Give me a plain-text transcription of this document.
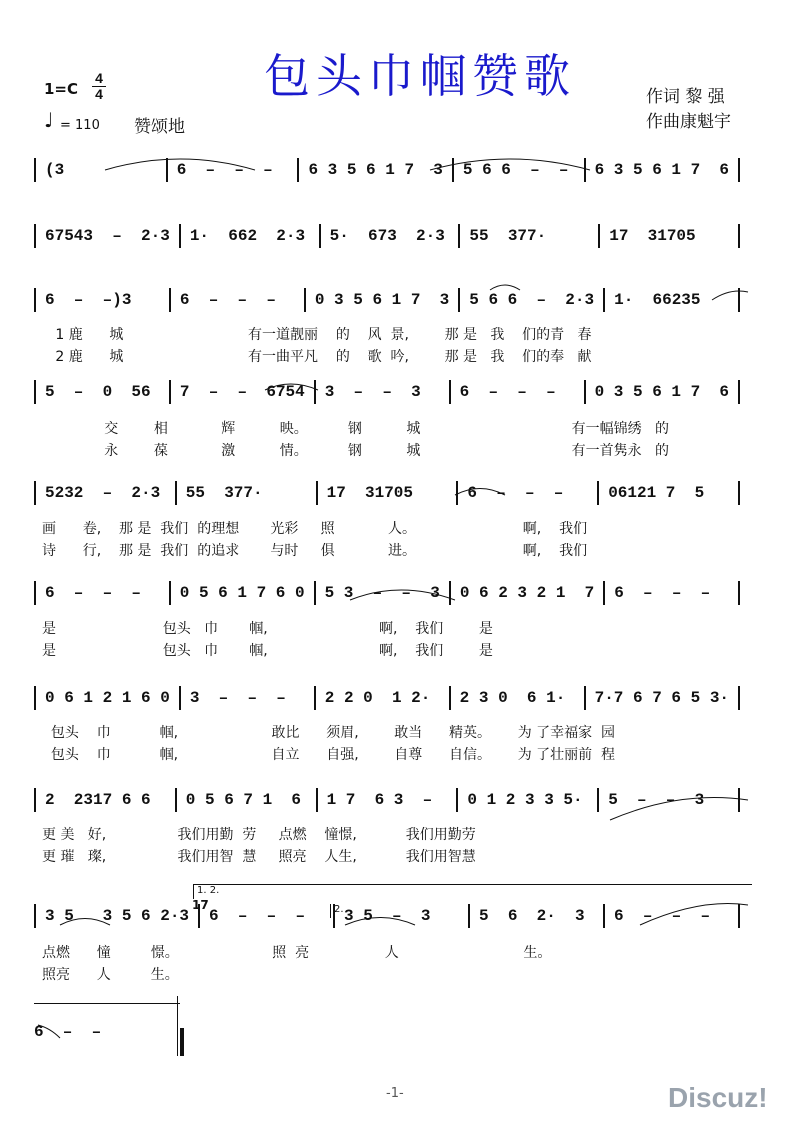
包头巾帼赞歌
1=C
4
4
♩ = 110 赞颂地
作词 黎 强
作曲康魁宇
(3	6  –  –  –	6 3 5 6 1 7  3 5 6 6  –  –	6 3 5 6 1 7  6
67543  –  2·3 1·  662  2·3 5·  673  2·3 55  377·	17  31705
6  –  –)3	6  –  –  –	0 3 5 6 1 7  3 5 6 6  –  2·3 1·  66235
1 鹿      城                            有一道靓丽    的    风  景,        那 是   我    们的青   春
2 鹿      城                            有一曲平凡    的    歌  吟,        那 是   我    们的奉   献
5  –  0  56	7  –  –  6754 3  –  –  3	6  –  –  –	0 3 5 6 1 7  6
交        相            辉          映。         钢          城                                  有一幅锦绣   的
永        葆            激          情。         钢          城                                  有一首隽永   的
5232  –  2·3	55  377·	17  31705	6  –  –  –	06121 7  5
画      卷,    那 是  我们  的理想       光彩     照            人。                        啊,    我们
诗      行,    那 是  我们  的追求       与时     俱            进。                        啊,    我们
6  –  –  –	0 5 6 1 7 6 0 5 3  –  –  3 0 6 2 3 2 1  7 6  –  –  –
是                        包头   巾       帼,                         啊,    我们        是
是                        包头   巾       帼,                         啊,    我们        是
0 6 1 2 1 6 0 3  –  –  –	2 2 0  1 2·	2 3 0  6 1·	7·7 6 7 6 5 3·
包头    巾           帼,                     敢比      须眉,        敢当      精英。      为 了幸福家  园
包头    巾           帼,                     自立      自强,        自尊      自信。      为 了壮丽前  程
2  2317 6 6	0 5 6 7 1  6	1 7  6 3  –	0 1 2 3 3 5·	5  –  –  3
更 美   好,                我们用勤  劳     点燃    憧憬,           我们用勤劳
更 璀   璨,                我们用智  慧     照亮    人生,           我们用智慧
3 5   3 5 6 2·3 6  –  –  –	3 5  –  3	5  6  2·  3	6  –  –  –
点燃      憧         憬。                     照  亮                 人                            生。
照亮      人         生。
6  –  –
1. 2.
17	2.
-1-	Discuz!
